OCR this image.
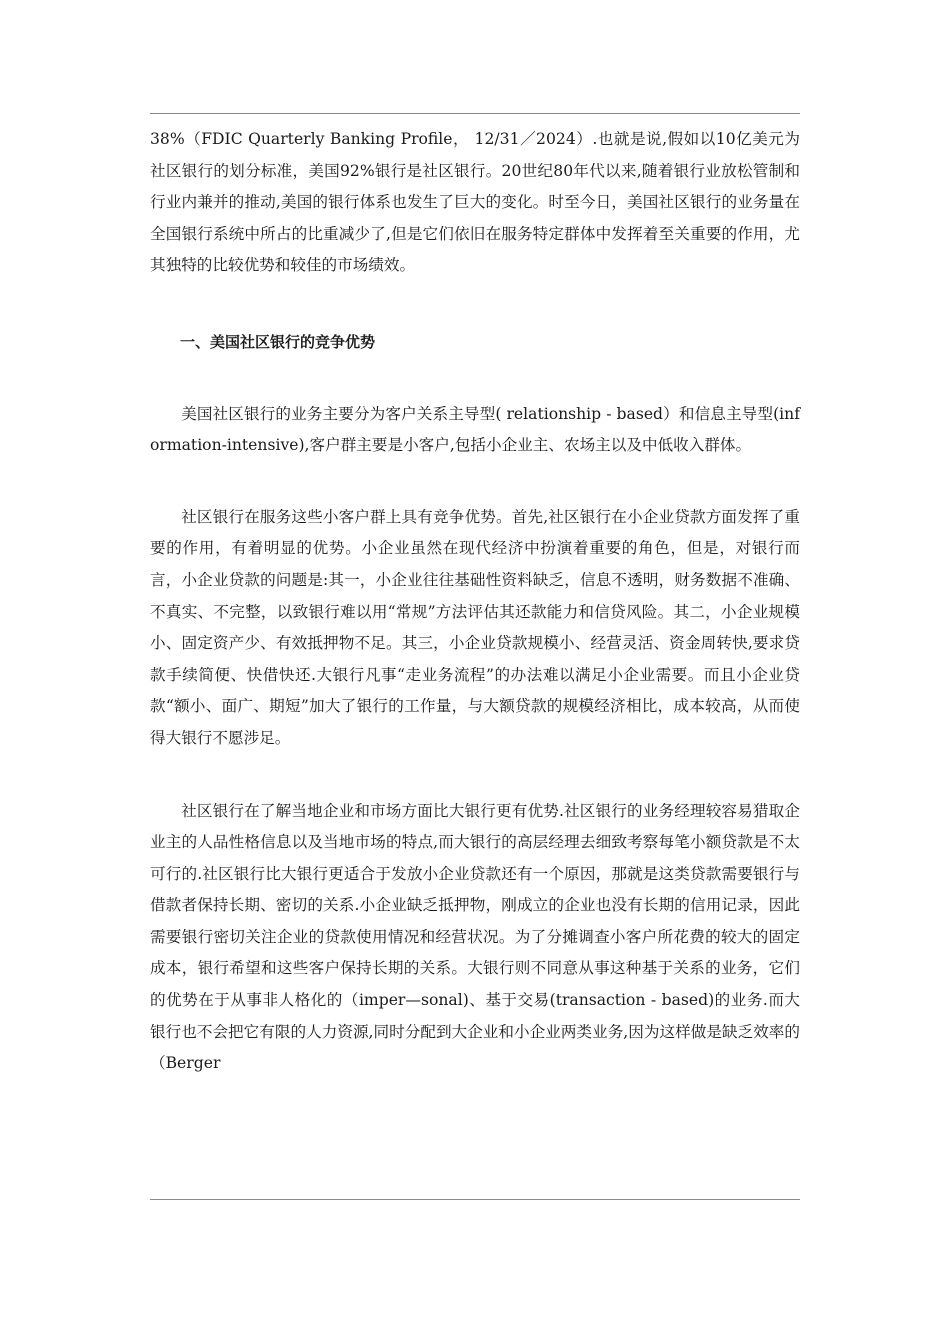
38%（FDIC Quarterly Banking Profile， 12/31／2024）.也就是说,假如以10亿美元为社区银行的划分标准，美国92%银行是社区银行。20世纪80年代以来,随着银行业放松管制和行业内兼并的推动,美国的银行体系也发生了巨大的变化。时至今日，美国社区银行的业务量在全国银行系统中所占的比重减少了,但是它们依旧在服务特定群体中发挥着至关重要的作用，尤其独特的比较优势和较佳的市场绩效。

一、美国社区银行的竞争优势

美国社区银行的业务主要分为客户关系主导型( relationship - based）和信息主导型(information-intensive),客户群主要是小客户,包括小企业主、农场主以及中低收入群体。

社区银行在服务这些小客户群上具有竞争优势。首先,社区银行在小企业贷款方面发挥了重要的作用，有着明显的优势。小企业虽然在现代经济中扮演着重要的角色，但是，对银行而言，小企业贷款的问题是:其一，小企业往往基础性资料缺乏，信息不透明，财务数据不准确、不真实、不完整，以致银行难以用“常规”方法评估其还款能力和信贷风险。其二，小企业规模小、固定资产少、有效抵押物不足。其三，小企业贷款规模小、经营灵活、资金周转快,要求贷款手续简便、快借快还.大银行凡事“走业务流程”的办法难以满足小企业需要。而且小企业贷款“额小、面广、期短”加大了银行的工作量，与大额贷款的规模经济相比，成本较高，从而使得大银行不愿涉足。

社区银行在了解当地企业和市场方面比大银行更有优势.社区银行的业务经理较容易猎取企业主的人品性格信息以及当地市场的特点,而大银行的高层经理去细致考察每笔小额贷款是不太可行的.社区银行比大银行更适合于发放小企业贷款还有一个原因，那就是这类贷款需要银行与借款者保持长期、密切的关系.小企业缺乏抵押物，刚成立的企业也没有长期的信用记录，因此需要银行密切关注企业的贷款使用情况和经营状况。为了分摊调查小客户所花费的较大的固定成本，银行希望和这些客户保持长期的关系。大银行则不同意从事这种基于关系的业务，它们的优势在于从事非人格化的（imper—sonal)、基于交易(transaction - based)的业务.而大银行也不会把它有限的人力资源,同时分配到大企业和小企业两类业务,因为这样做是缺乏效率的（Berger
